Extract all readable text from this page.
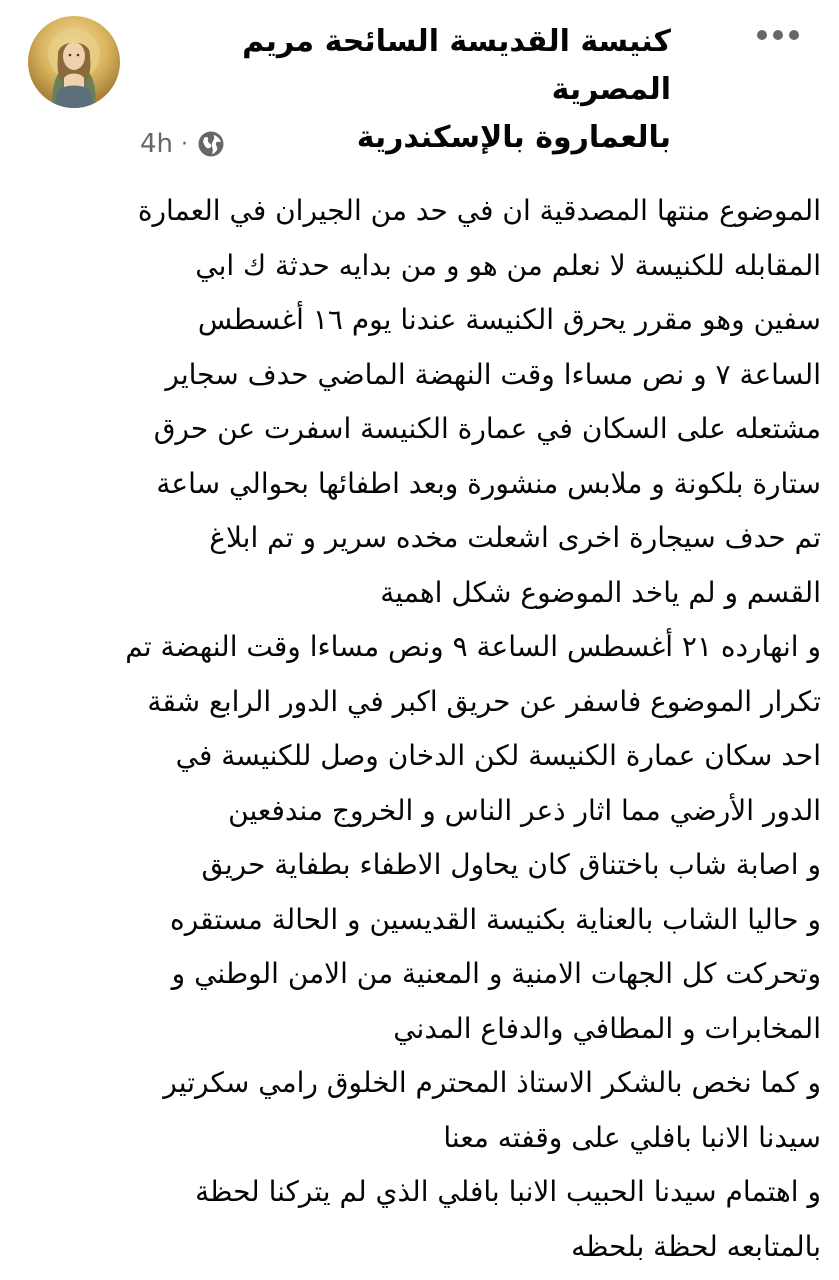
كنيسة القديسة السائحة مريم المصرية
بالعماروة بالإسكندرية
4h ·
الموضوع منتها المصدقية ان في حد من الجيران في العمارة
المقابله للكنيسة لا نعلم من هو و من بدايه حدثة ك ابي
سفين وهو مقرر يحرق الكنيسة عندنا يوم ١٦ أغسطس
الساعة ٧ و نص مساءا وقت النهضة الماضي حدف سجاير
مشتعله على السكان في عمارة الكنيسة اسفرت عن حرق
ستارة بلكونة و ملابس منشورة وبعد اطفائها بحوالي ساعة
تم حدف سيجارة اخرى اشعلت مخده سرير و تم ابلاغ
القسم و لم ياخد الموضوع شكل اهمية
و انهارده ٢١ أغسطس الساعة ٩ ونص مساءا وقت النهضة تم
تكرار الموضوع فاسفر عن حريق اكبر في الدور الرابع شقة
احد سكان عمارة الكنيسة لكن الدخان وصل للكنيسة في
الدور الأرضي مما اثار ذعر الناس و الخروج مندفعين
و اصابة شاب باختناق كان يحاول الاطفاء بطفاية حريق
و حاليا الشاب بالعناية بكنيسة القديسين و الحالة مستقره
وتحركت كل الجهات الامنية و المعنية من الامن الوطني و
المخابرات و المطافي والدفاع المدني
و كما نخص بالشكر الاستاذ المحترم الخلوق رامي سكرتير
سيدنا الانبا بافلي على وقفته معنا
و اهتمام سيدنا الحبيب الانبا بافلي الذي لم يتركنا لحظة
بالمتابعه لحظة بلحظه
